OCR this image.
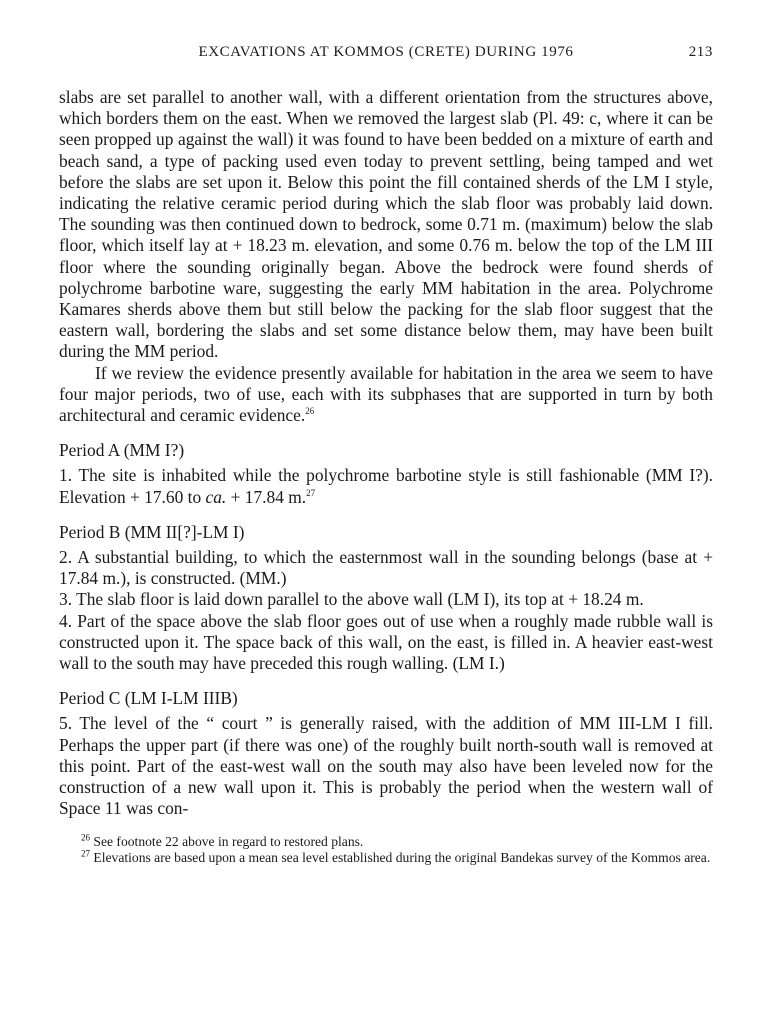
EXCAVATIONS AT KOMMOS (CRETE) DURING 1976	213

slabs are set parallel to another wall, with a different orientation from the structures above, which borders them on the east. When we removed the largest slab (Pl. 49: c, where it can be seen propped up against the wall) it was found to have been bedded on a mixture of earth and beach sand, a type of packing used even today to prevent settling, being tamped and wet before the slabs are set upon it. Below this point the fill contained sherds of the LM I style, indicating the relative ceramic period during which the slab floor was probably laid down. The sounding was then continued down to bedrock, some 0.71 m. (maximum) below the slab floor, which itself lay at + 18.23 m. elevation, and some 0.76 m. below the top of the LM III floor where the sounding originally began. Above the bedrock were found sherds of polychrome barbotine ware, suggesting the early MM habitation in the area. Polychrome Kamares sherds above them but still below the packing for the slab floor suggest that the eastern wall, bordering the slabs and set some distance below them, may have been built during the MM period.

If we review the evidence presently available for habitation in the area we seem to have four major periods, two of use, each with its subphases that are supported in turn by both architectural and ceramic evidence.$^{26}$

Period A (MM I?)

1. The site is inhabited while the polychrome barbotine style is still fashionable (MM I?). Elevation + 17.60 to ca. + 17.84 m.$^{27}$

Period B (MM II[?]-LM I)

2. A substantial building, to which the easternmost wall in the sounding belongs (base at + 17.84 m.), is constructed. (MM.)

3. The slab floor is laid down parallel to the above wall (LM I), its top at + 18.24 m.

4. Part of the space above the slab floor goes out of use when a roughly made rubble wall is constructed upon it. The space back of this wall, on the east, is filled in. A heavier east-west wall to the south may have preceded this rough walling. (LM I.)

Period C (LM I-LM IIIB)

5. The level of the “ court ” is generally raised, with the addition of MM III-LM I fill. Perhaps the upper part (if there was one) of the roughly built north-south wall is removed at this point. Part of the east-west wall on the south may also have been leveled now for the construction of a new wall upon it. This is probably the period when the western wall of Space 11 was con-

$^{26}$ See footnote 22 above in regard to restored plans.

$^{27}$ Elevations are based upon a mean sea level established during the original Bandekas survey of the Kommos area.
